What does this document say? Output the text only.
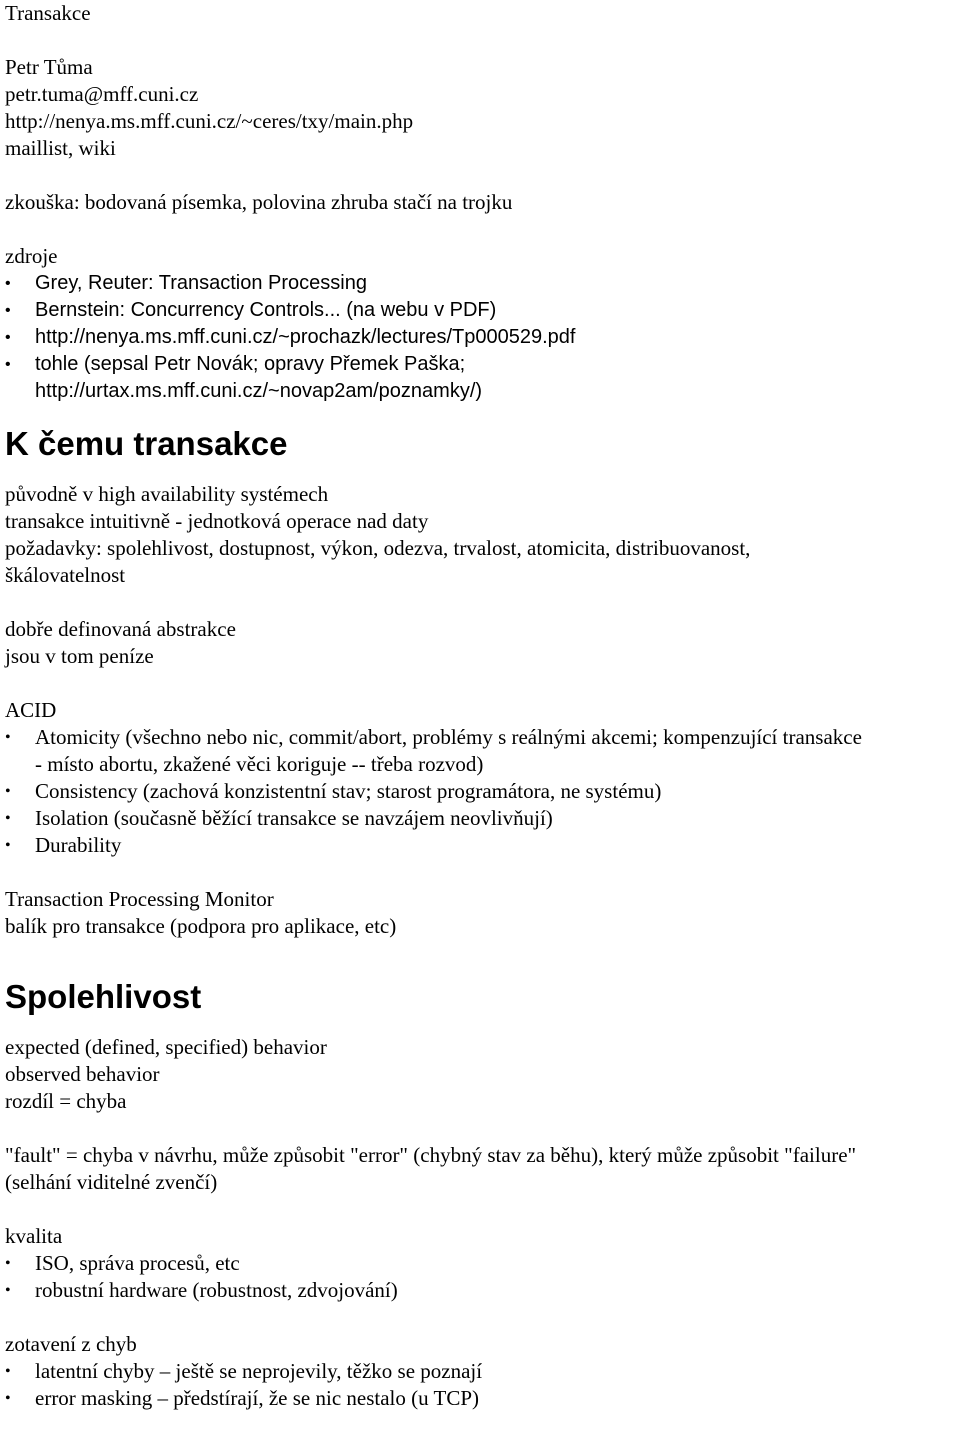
Transakce
Petr Tůma
petr.tuma@mff.cuni.cz
http://nenya.ms.mff.cuni.cz/~ceres/txy/main.php
maillist, wiki
zkouška: bodovaná písemka, polovina zhruba stačí na trojku
zdroje
• Grey, Reuter: Transaction Processing
• Bernstein: Concurrency Controls... (na webu v PDF)
• http://nenya.ms.mff.cuni.cz/~prochazk/lectures/Tp000529.pdf
• tohle (sepsal Petr Novák; opravy Přemek Paška;
http://urtax.ms.mff.cuni.cz/~novap2am/poznamky/)
K čemu transakce
původně v high availability systémech
transakce intuitivně - jednotková operace nad daty
požadavky: spolehlivost, dostupnost, výkon, odezva, trvalost, atomicita, distribuovanost,
škálovatelnost
dobře definovaná abstrakce
jsou v tom peníze
ACID
• Atomicity (všechno nebo nic, commit/abort, problémy s reálnými akcemi; kompenzující transakce
- místo abortu, zkažené věci koriguje -- třeba rozvod)
• Consistency (zachová konzistentní stav; starost programátora, ne systému)
• Isolation (současně běžící transakce se navzájem neovlivňují)
• Durability
Transaction Processing Monitor
balík pro transakce (podpora pro aplikace, etc)
Spolehlivost
expected (defined, specified) behavior
observed behavior
rozdíl = chyba
"fault" = chyba v návrhu, může způsobit "error" (chybný stav za běhu), který může způsobit "failure"
(selhání viditelné zvenčí)
kvalita
• ISO, správa procesů, etc
• robustní hardware (robustnost, zdvojování)
zotavení z chyb
• latentní chyby – ještě se neprojevily, těžko se poznají
• error masking – předstírají, že se nic nestalo (u TCP)
